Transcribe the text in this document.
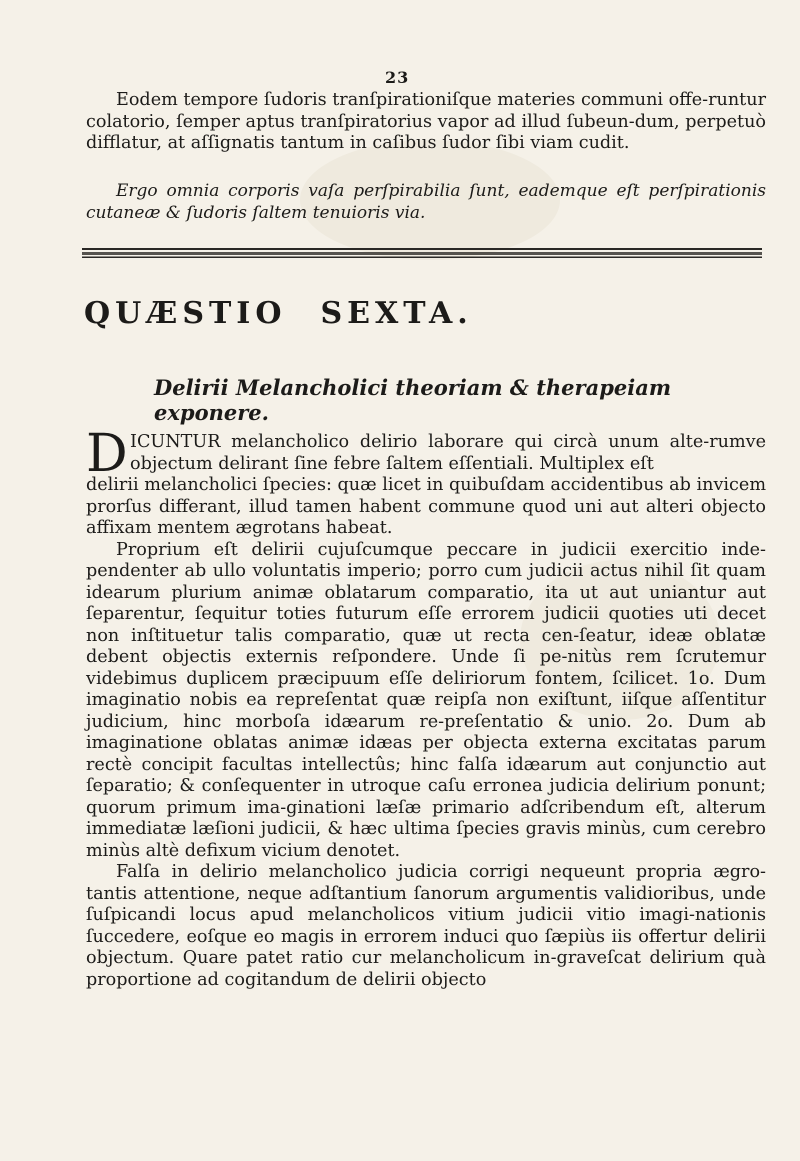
23
Eodem tempore ſudoris tranſpirationiſque materies communi offe-runtur colatorio, ſemper aptus tranſpiratorius vapor ad illud ſubeun-dum, perpetuò difflatur, at aſſignatis tantum in caſibus ſudor ſibi viam cudit.
Ergo omnia corporis vaſa perſpirabilia ſunt, eademque eſt perſpirationis cutaneæ & ſudoris ſaltem tenuioris via.
QUÆSTIO SEXTA.
Delirii Melancholici theoriam & therapeiam exponere.
D ICUNTUR melancholico delirio laborare qui circà unum alte-rumve objectum delirant ſine febre ſaltem eſſentiali. Multiplex eſt

delirii melancholici ſpecies: quæ licet in quibuſdam accidentibus ab invicem prorſus differant, illud tamen habent commune quod uni aut alteri objecto affixam mentem ægrotans habeat.

Proprium eſt delirii cujuſcumque peccare in judicii exercitio inde-pendenter ab ullo voluntatis imperio; porro cum judicii actus nihil ſit quam idearum plurium animæ oblatarum comparatio, ita ut aut uniantur aut ſeparentur, ſequitur toties futurum eſſe errorem judicii quoties uti decet non inſtituetur talis comparatio, quæ ut recta cen-ſeatur, ideæ oblatæ debent objectis externis reſpondere. Unde ſi pe-nitùs rem ſcrutemur videbimus duplicem præcipuum eſſe deliriorum fontem, ſcilicet. 1o. Dum imaginatio nobis ea repreſentat quæ reipſa non exiſtunt, iiſque aſſentitur judicium, hinc morboſa idæarum re-preſentatio & unio. 2o. Dum ab imaginatione oblatas animæ idæas per objecta externa excitatas parum rectè concipit facultas intellectûs; hinc falſa idæarum aut conjunctio aut ſeparatio; & conſequenter in utroque caſu erronea judicia delirium ponunt; quorum primum ima-ginationi læſæ primario adſcribendum eſt, alterum immediatæ læſioni judicii, & hæc ultima ſpecies gravis minùs, cum cerebro minùs altè defixum vicium denotet.

Falſa in delirio melancholico judicia corrigi nequeunt propria ægro-tantis attentione, neque adſtantium ſanorum argumentis validioribus, unde ſuſpicandi locus apud melancholicos vitium judicii vitio imagi-nationis ſuccedere, eoſque eo magis in errorem induci quo ſæpiùs iis offertur delirii objectum. Quare patet ratio cur melancholicum in-graveſcat delirium quà proportione ad cogitandum de delirii objecto
